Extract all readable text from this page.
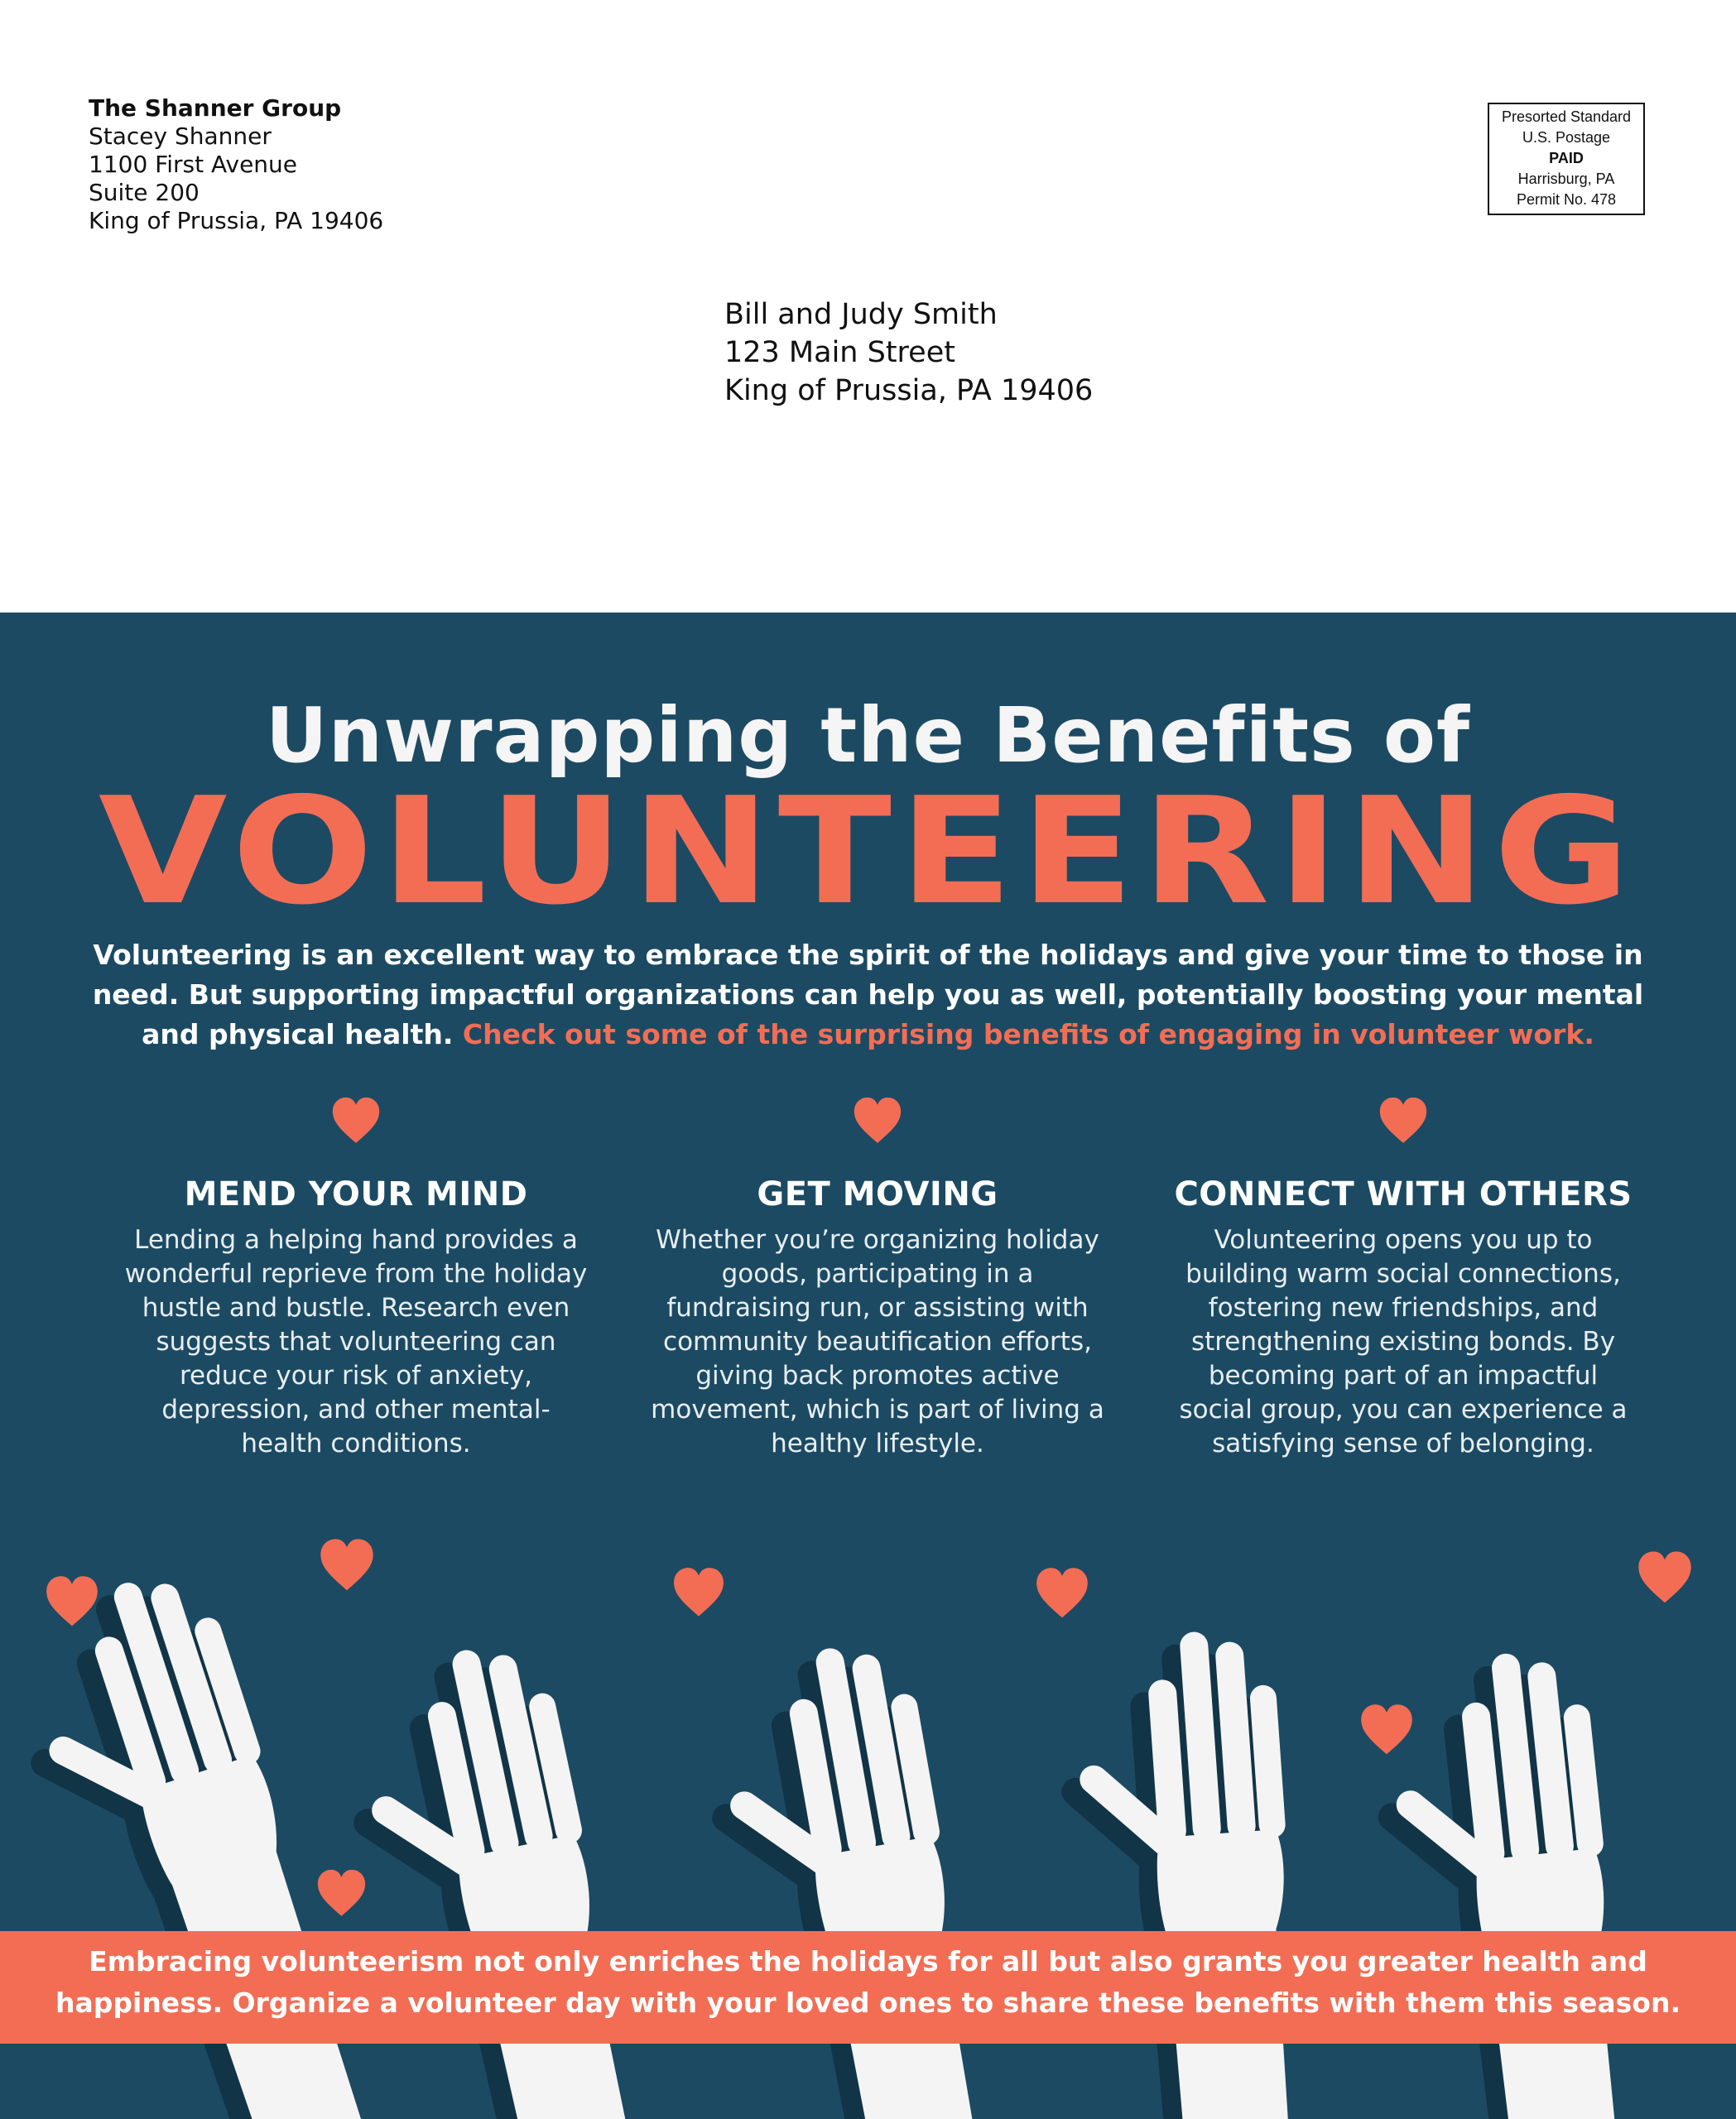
The Shanner Group
Stacey Shanner
1100 First Avenue
Suite 200
King of Prussia, PA 19406
Presorted Standard
U.S. Postage
PAID
Harrisburg, PA
Permit No. 478
Bill and Judy Smith
123 Main Street
King of Prussia, PA 19406
Unwrapping the Benefits of
VOLUNTEERING
Volunteering is an excellent way to embrace the spirit of the holidays and give your time to those in need. But supporting impactful organizations can help you as well, potentially boosting your mental and physical health. Check out some of the surprising benefits of engaging in volunteer work.
MEND YOUR MIND

Lending a helping hand provides a wonderful reprieve from the holiday hustle and bustle. Research even suggests that volunteering can reduce your risk of anxiety, depression, and other mental-health conditions.

GET MOVING

Whether you’re organizing holiday goods, participating in a fundraising run, or assisting with community beautification efforts, giving back promotes active movement, which is part of living a healthy lifestyle.

CONNECT WITH OTHERS

Volunteering opens you up to building warm social connections, fostering new friendships, and strengthening existing bonds. By becoming part of an impactful social group, you can experience a satisfying sense of belonging.

Embracing volunteerism not only enriches the holidays for all but also grants you greater health and happiness. Organize a volunteer day with your loved ones to share these benefits with them this season.
